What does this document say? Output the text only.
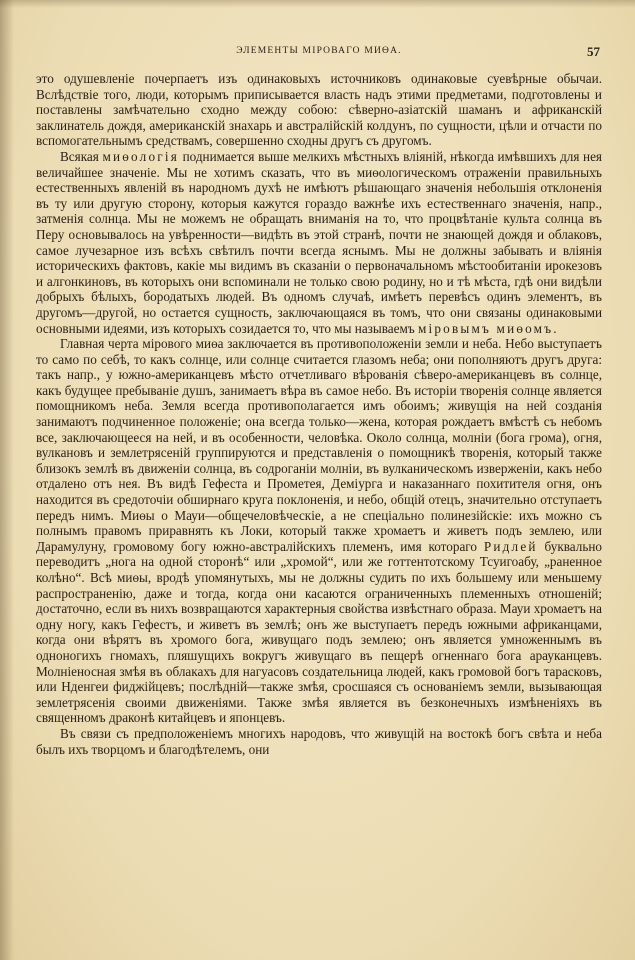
ЭЛЕМЕНТЫ МІРОВАГО МИѲА.	57

это одушевленіе почерпаетъ изъ одинаковыхъ источниковъ одинаковые суевѣрные обычаи. Вслѣдствіе того, люди, которымъ приписывается власть надъ этими предметами, подготовлены и поставлены замѣчательно сходно между собою: сѣверно-азіатскій шаманъ и африканскій заклинатель дождя, американскій знахарь и австралійскій колдунъ, по сущности, цѣли и отчасти по вспомогательнымъ средствамъ, совершенно сходны другъ съ другомъ.

Всякая миѳологія поднимается выше мелкихъ мѣстныхъ вліяній, нѣкогда имѣвшихъ для нея величайшее значеніе. Мы не хотимъ сказать, что въ миѳологическомъ отраженіи правильныхъ естественныхъ явленій въ народномъ духѣ не имѣютъ рѣшающаго значенія небольшія отклоненія въ ту или другую сторону, которыя кажутся гораздо важнѣе ихъ естественнаго значенія, напр., затменія солнца. Мы не можемъ не обращать вниманія на то, что процвѣтаніе культа солнца въ Перу основывалось на увѣренности—видѣть въ этой странѣ, почти не знающей дождя и облаковъ, самое лучезарное изъ всѣхъ свѣтилъ почти всегда яснымъ. Мы не должны забывать и вліянія историческихъ фактовъ, какіе мы видимъ въ сказаніи о первоначальномъ мѣстообитаніи ирокезовъ и алгонкиновъ, въ которыхъ они вспоминали не только свою родину, но и тѣ мѣста, гдѣ они видѣли добрыхъ бѣлыхъ, бородатыхъ людей. Въ одномъ случаѣ, имѣетъ перевѣсъ одинъ элементъ, въ другомъ—другой, но остается сущность, заключающаяся въ томъ, что они связаны одинаковыми основными идеями, изъ которыхъ созидается то, что мы называемъ міровымъ миѳомъ.

Главная черта мірового миѳа заключается въ противоположеніи земли и неба. Небо выступаетъ то само по себѣ, то какъ солнце, или солнце считается глазомъ неба; они пополняютъ другъ друга: такъ напр., у южно-американцевъ мѣсто отчетливаго вѣрованія сѣверо-американцевъ въ солнце, какъ будущее пребываніе душъ, занимаетъ вѣра въ самое небо. Въ исторіи творенія солнце является помощникомъ неба. Земля всегда противополагается имъ обоимъ; живущія на ней созданія занимаютъ подчиненное положеніе; она всегда только—жена, которая рождаетъ вмѣстѣ съ небомъ все, заключающееся на ней, и въ особенности, человѣка. Около солнца, молніи (бога грома), огня, вулкановъ и землетрясеній группируются и представленія о помощникѣ творенія, который также близокъ землѣ въ движеніи солнца, въ содроганіи молніи, въ вулканическомъ изверженіи, какъ небо отдалено отъ нея. Въ видѣ Гефеста и Прометея, Деміурга и наказаннаго похитителя огня, онъ находится въ средоточіи обширнаго круга поклоненія, и небо, общій отецъ, значительно отступаетъ передъ нимъ. Миѳы о Мауи—общечеловѣческіе, а не спеціально полинезійскіе: ихъ можно съ полнымъ правомъ приравнять къ Локи, который также хромаетъ и живетъ подъ землею, или Дарамулуну, громовому богу южно-австралійскихъ племенъ, имя котораго Ридлей буквально переводитъ „нога на одной сторонѣ“ или „хромой“, или же готтентотскому Тсуигоабу, „раненное колѣно“. Всѣ миѳы, вродѣ упомянутыхъ, мы не должны судить по ихъ большему или меньшему распространенію, даже и тогда, когда они касаются ограниченныхъ племенныхъ отношеній; достаточно, если въ нихъ возвращаются характерныя свойства извѣстнаго образа. Мауи хромаетъ на одну ногу, какъ Гефестъ, и живетъ въ землѣ; онъ же выступаетъ передъ южными африканцами, когда они вѣрятъ въ хромого бога, живущаго подъ землею; онъ является умноженнымъ въ одноногихъ гномахъ, пляшущихъ вокругъ живущаго въ пещерѣ огненнаго бога арауканцевъ. Молніеносная змѣя въ облакахъ для нагуасовъ создательница людей, какъ громовой богъ тарасковъ, или Нденгеи фиджійцевъ; послѣдній—также змѣя, сросшаяся съ основаніемъ земли, вызывающая землетрясенія своими движеніями. Также змѣя является въ безконечныхъ измѣненіяхъ въ священномъ драконѣ китайцевъ и японцевъ.

Въ связи съ предположеніемъ многихъ народовъ, что живущій на востокѣ богъ свѣта и неба былъ ихъ творцомъ и благодѣтелемъ, они
